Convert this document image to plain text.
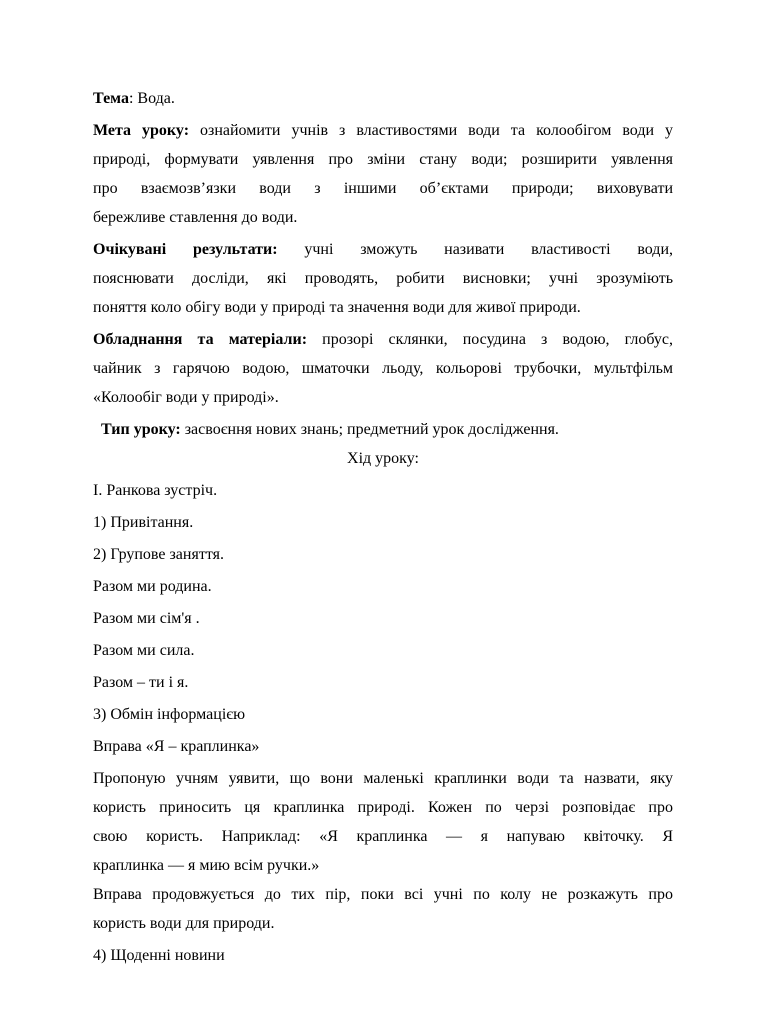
Тема: Вода.

Мета уроку: ознайомити учнів з властивостями води та колообігом води у

природі, формувати уявлення про зміни стану води; розширити уявлення

про взаємозв’язки води з іншими об’єктами природи; виховувати

бережливе ставлення до води.

Очікувані результати: учні зможуть називати властивості води,

пояснювати досліди, які проводять, робити висновки; учні зрозуміють

поняття коло обігу води у природі та значення води для живої природи.

Обладнання та матеріали: прозорі склянки, посудина з водою, глобус,

чайник з гарячою водою, шматочки льоду, кольорові трубочки, мультфільм

«Колообіг води у природі».

Тип уроку: засвоєння нових знань; предметний урок дослідження.

Хід уроку:

І. Ранкова зустріч.

1) Привітання.

2) Групове заняття.

Разом ми родина.

Разом ми сім'я .

Разом ми сила.

Разом – ти і я.

3) Обмін інформацією

Вправа «Я – краплинка»

Пропоную учням уявити, що вони маленькі краплинки води та назвати, яку

користь приносить ця краплинка природі. Кожен по черзі розповідає про

свою користь. Наприклад: «Я краплинка — я напуваю квіточку. Я

краплинка — я мию всім ручки.»

Вправа продовжується до тих пір, поки всі учні по колу не розкажуть про

користь води для природи.

4) Щоденні новини
